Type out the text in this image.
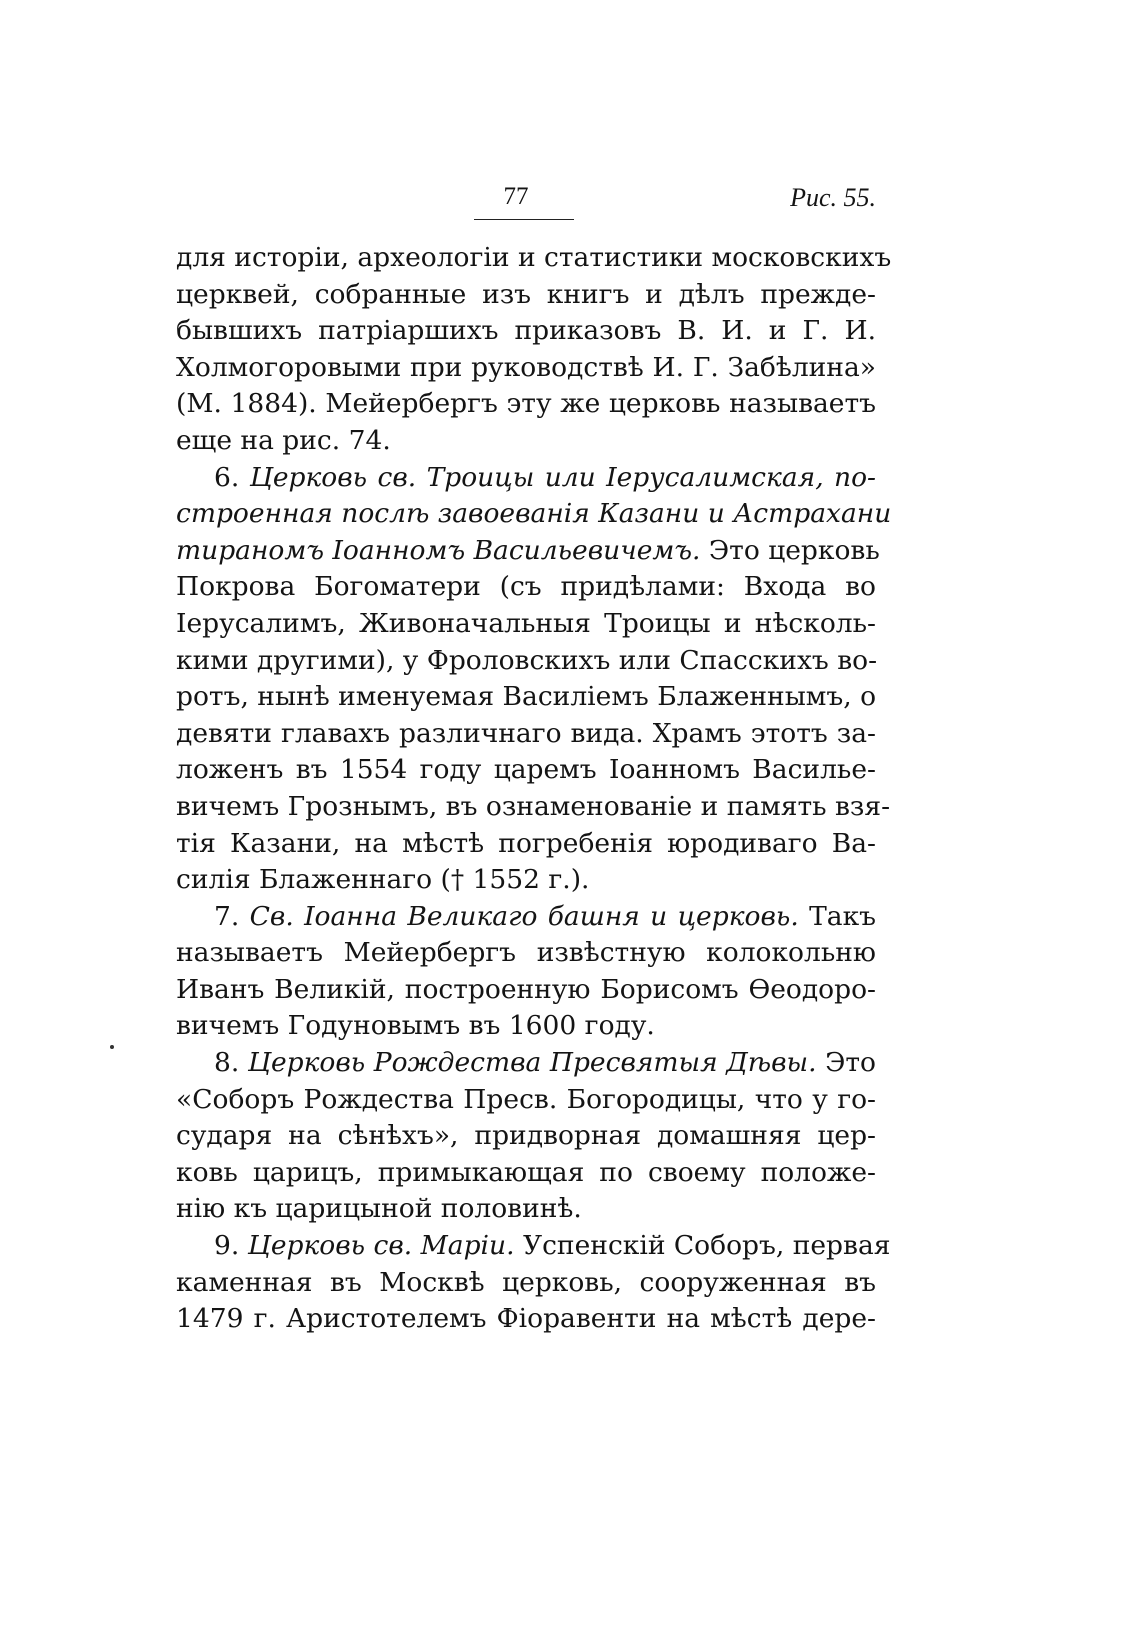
77	Рис. 55.
для исторіи, археологіи и статистики московскихъ
церквей, собранные изъ книгъ и дѣлъ прежде-
бывшихъ патріаршихъ приказовъ В. И. и Г. И.
Холмогоровыми при руководствѣ И. Г. Забѣлина»
(М. 1884). Мейербергъ эту же церковь называетъ
еще на рис. 74.
6. Церковь св. Троицы или Іерусалимская, по-
строенная послѣ завоеванія Казани и Астрахани
тираномъ Іоанномъ Васильевичемъ. Это церковь
Покрова Богоматери (съ придѣлами: Входа во
Іерусалимъ, Живоначальныя Троицы и нѣсколь-
кими другими), у Фроловскихъ или Спасскихъ во-
ротъ, нынѣ именуемая Василіемъ Блаженнымъ, о
девяти главахъ различнаго вида. Храмъ этотъ за-
ложенъ въ 1554 году царемъ Іоанномъ Василье-
вичемъ Грознымъ, въ ознаменованіе и память взя-
тія Казани, на мѣстѣ погребенія юродиваго Ва-
силія Блаженнаго († 1552 г.).
7. Св. Іоанна Великаго башня и церковь. Такъ
называетъ Мейербергъ извѣстную колокольню
Иванъ Великій, построенную Борисомъ Ѳеодоро-
вичемъ Годуновымъ въ 1600 году.
8. Церковь Рождества Пресвятыя Дѣвы. Это
«Соборъ Рождества Пресв. Богородицы, что у го-
сударя на сѣнѣхъ», придворная домашняя цер-
ковь царицъ, примыкающая по своему положе-
нію къ царицыной половинѣ.
9. Церковь св. Маріи. Успенскій Соборъ, первая
каменная въ Москвѣ церковь, сооруженная въ
1479 г. Аристотелемъ Фіоравенти на мѣстѣ дере-
